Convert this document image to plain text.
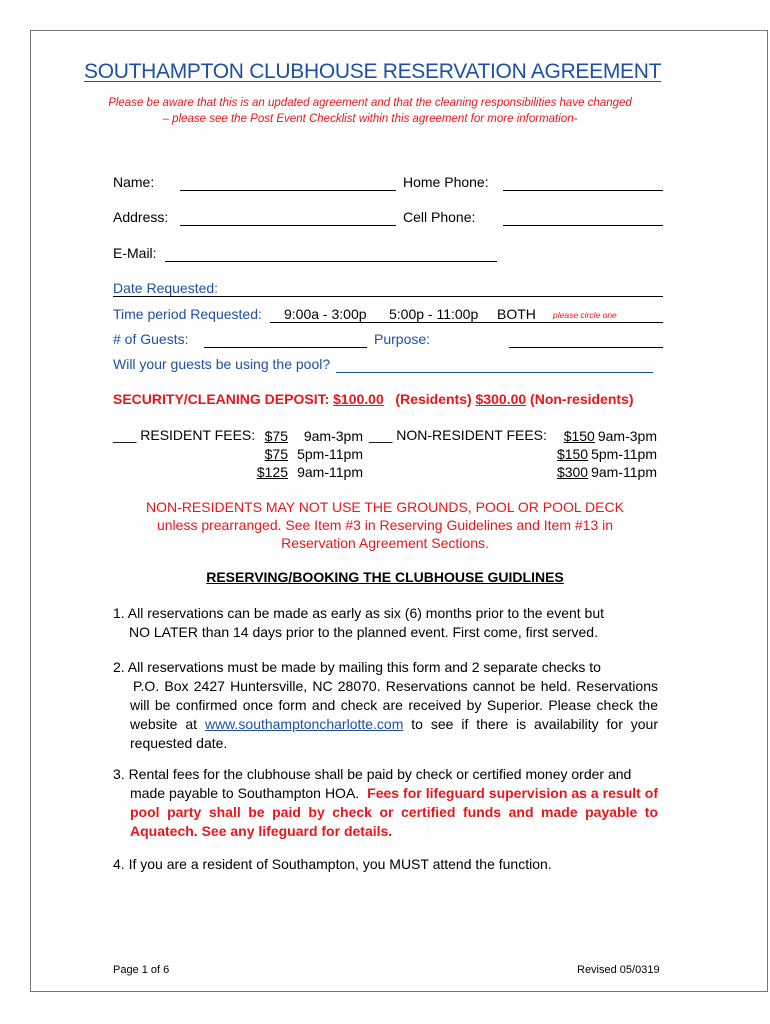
SOUTHAMPTON CLUBHOUSE RESERVATION AGREEMENT
Please be aware that this is an updated agreement and that the cleaning responsibilities have changed
– please see the Post Event Checklist within this agreement for more information-
Name:	Home Phone:
Address:	Cell Phone:
E-Mail:
Date Requested:
Time period Requested: 9:00a - 3:00p 5:00p - 11:00p BOTH please circle one
# of Guests:	Purpose:
Will your guests be using the pool?
SECURITY/CLEANING DEPOSIT: $100.00 (Residents) $300.00 (Non-residents)
___ RESIDENT FEES: $75	9am-3pm
$75 5pm-11pm
$125 9am-11pm
___ NON-RESIDENT FEES: $150 9am-3pm
$150 5pm-11pm
$300 9am-11pm
NON-RESIDENTS MAY NOT USE THE GROUNDS, POOL OR POOL DECK
unless prearranged. See Item #3 in Reserving Guidelines and Item #13 in
Reservation Agreement Sections.
RESERVING/BOOKING THE CLUBHOUSE GUIDLINES
1. All reservations can be made as early as six (6) months prior to the event but
NO LATER than 14 days prior to the planned event. First come, first served.
2. All reservations must be made by mailing this form and 2 separate checks to
P.O. Box 2427 Huntersville, NC 28070. Reservations cannot be held. Reservations will be confirmed once form and check are received by Superior. Please check the website at www.southamptoncharlotte.com to see if there is availability for your requested date.
3. Rental fees for the clubhouse shall be paid by check or certified money order and
made payable to Southampton HOA. Fees for lifeguard supervision as a result of pool party shall be paid by check or certified funds and made payable to Aquatech. See any lifeguard for details.
4. If you are a resident of Southampton, you MUST attend the function.
Page 1 of 6	Revised 05/0319
